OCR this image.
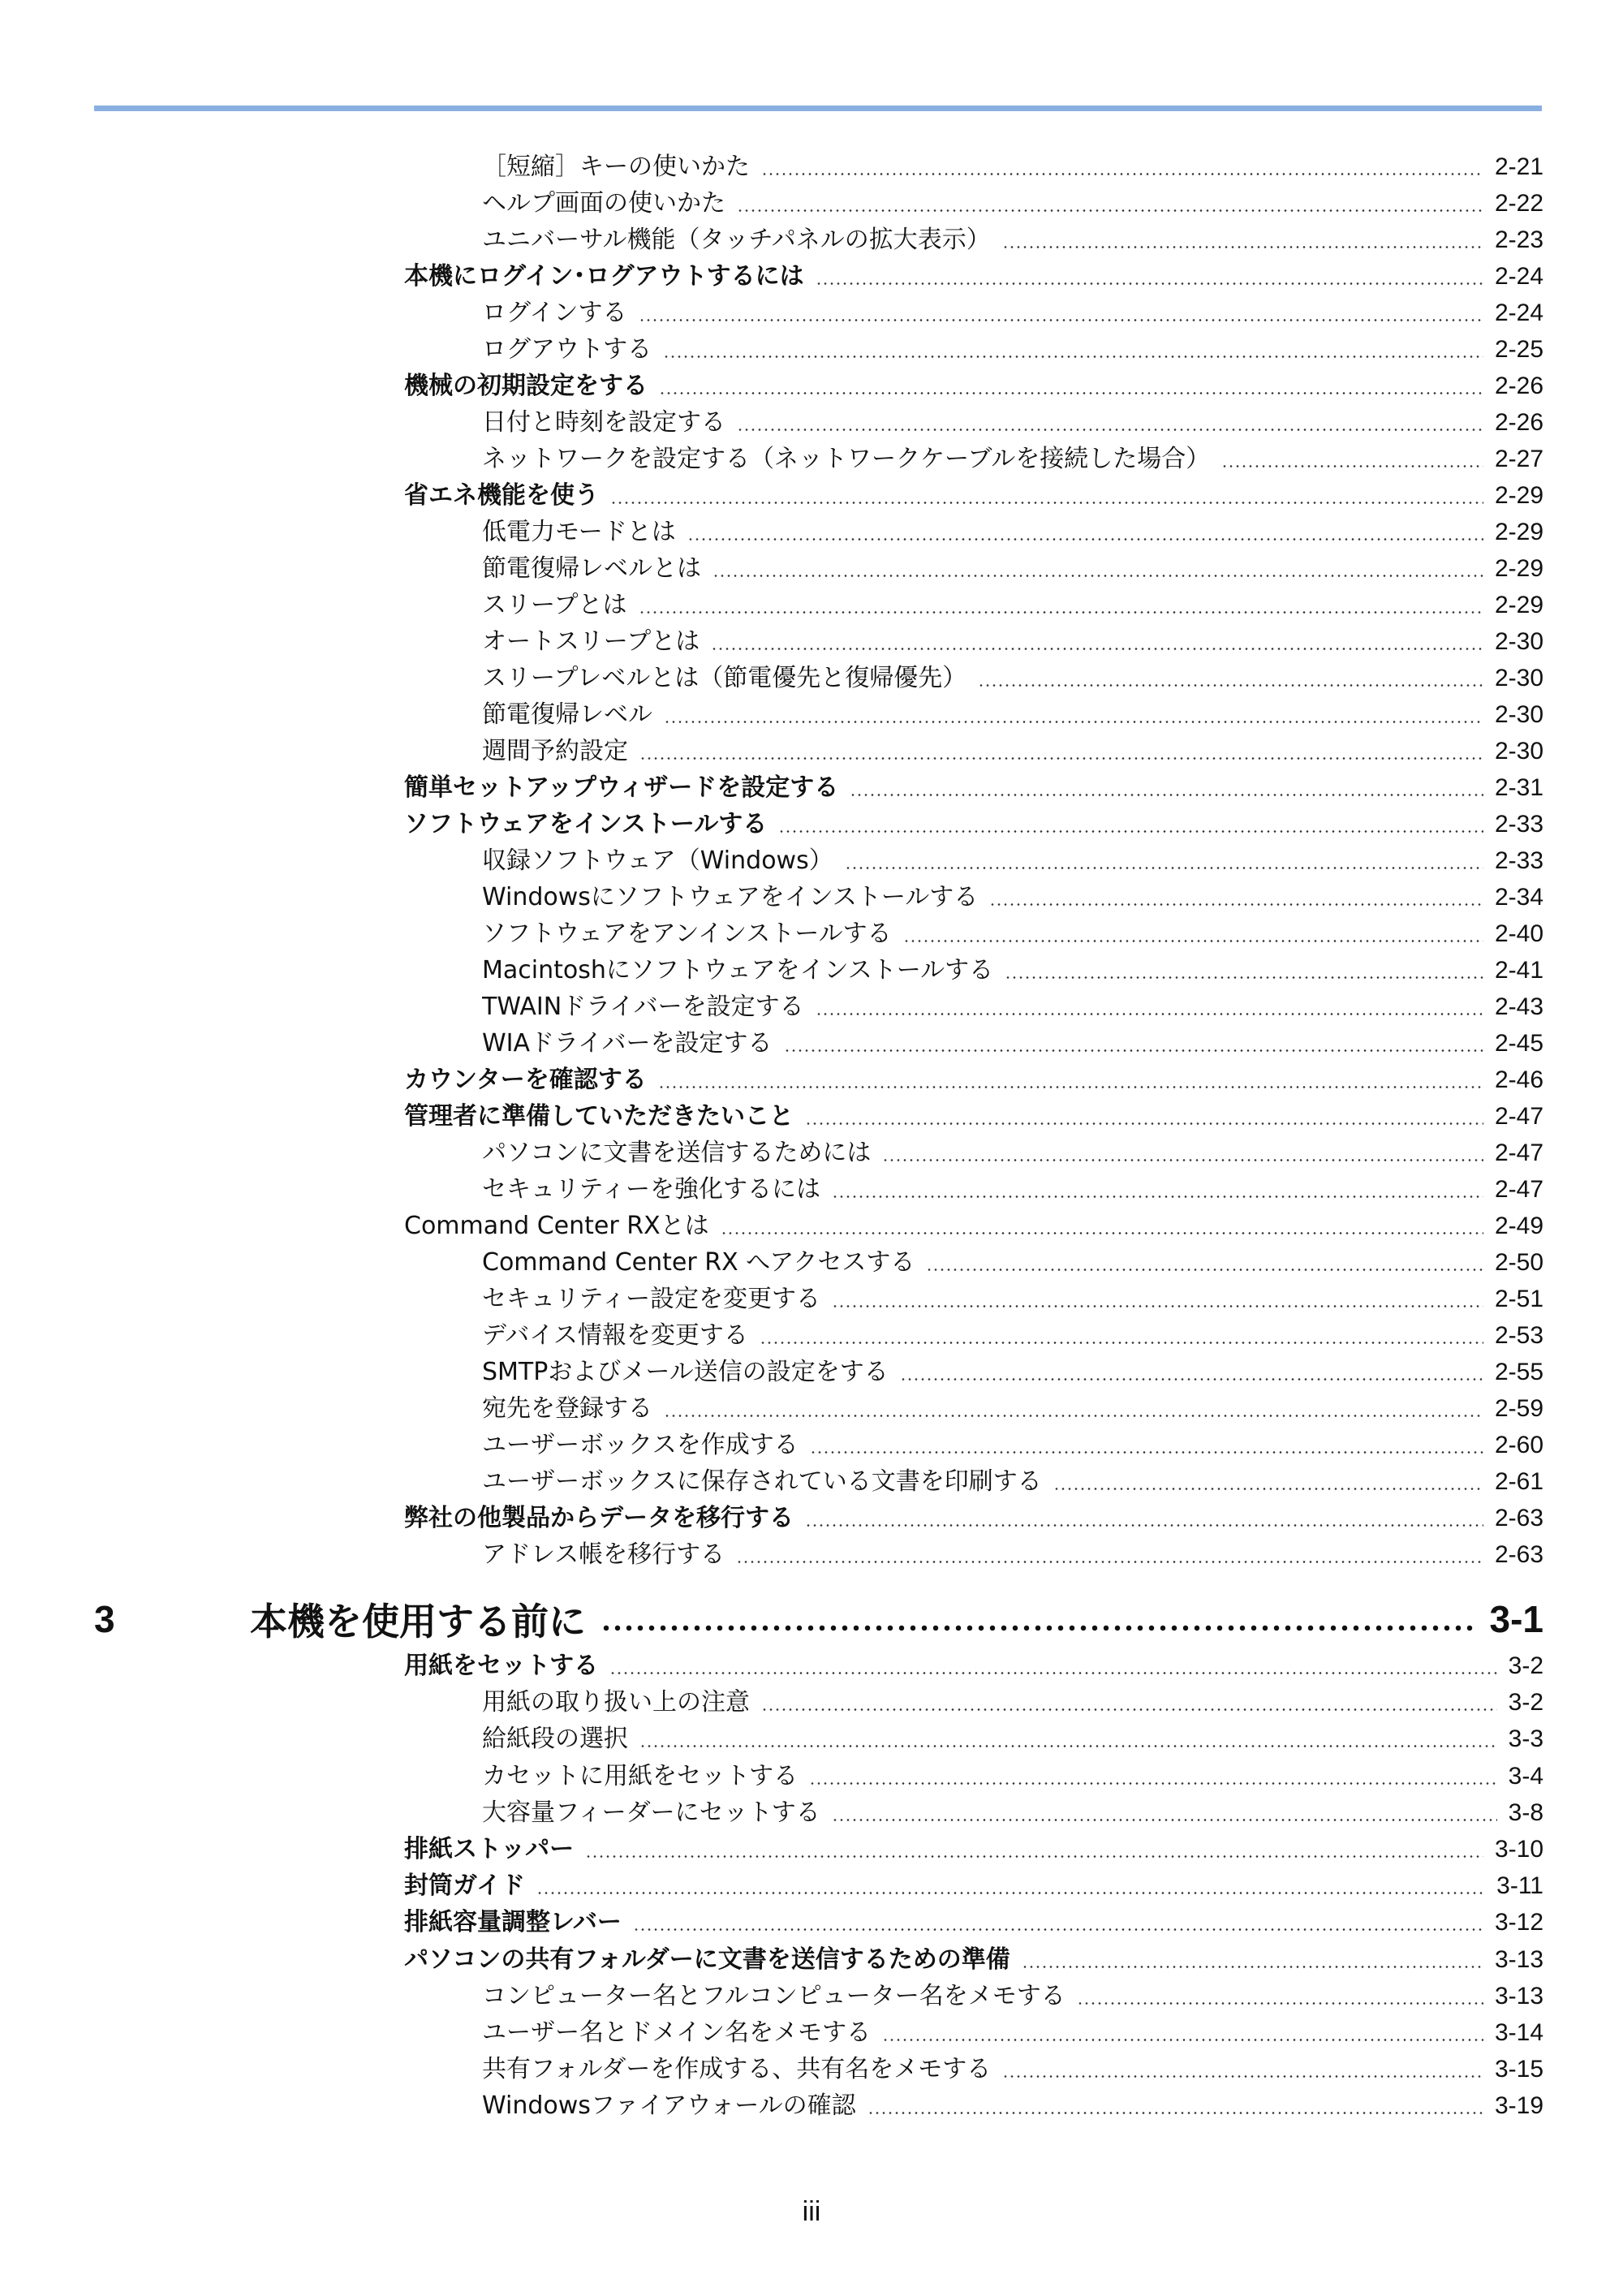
［短縮］キーの使いかた	2-21
ヘルプ画面の使いかた	2-22
ユニバーサル機能（タッチパネルの拡大表示）	2-23
本機にログイン･ログアウトするには	2-24
ログインする	2-24
ログアウトする	2-25
機械の初期設定をする	2-26
日付と時刻を設定する	2-26
ネットワークを設定する（ネットワークケーブルを接続した場合）	2-27
省エネ機能を使う	2-29
低電力モードとは	2-29
節電復帰レベルとは	2-29
スリープとは	2-29
オートスリープとは	2-30
スリープレベルとは（節電優先と復帰優先）	2-30
節電復帰レベル	2-30
週間予約設定	2-30
簡単セットアップウィザードを設定する	2-31
ソフトウェアをインストールする	2-33
収録ソフトウェア（Windows）	2-33
Windowsにソフトウェアをインストールする	2-34
ソフトウェアをアンインストールする	2-40
Macintoshにソフトウェアをインストールする	2-41
TWAINドライバーを設定する	2-43
WIAドライバーを設定する	2-45
カウンターを確認する	2-46
管理者に準備していただきたいこと	2-47
パソコンに文書を送信するためには	2-47
セキュリティーを強化するには	2-47
Command Center RXとは	2-49
Command Center RX へアクセスする	2-50
セキュリティー設定を変更する	2-51
デバイス情報を変更する	2-53
SMTPおよびメール送信の設定をする	2-55
宛先を登録する	2-59
ユーザーボックスを作成する	2-60
ユーザーボックスに保存されている文書を印刷する	2-61
弊社の他製品からデータを移行する	2-63
アドレス帳を移行する	2-63
3	本機を使用する前に	3-1
用紙をセットする	3-2
用紙の取り扱い上の注意	3-2
給紙段の選択	3-3
カセットに用紙をセットする	3-4
大容量フィーダーにセットする	3-8
排紙ストッパー	3-10
封筒ガイド	3-11
排紙容量調整レバー	3-12
パソコンの共有フォルダーに文書を送信するための準備	3-13
コンピューター名とフルコンピューター名をメモする	3-13
ユーザー名とドメイン名をメモする	3-14
共有フォルダーを作成する、共有名をメモする	3-15
Windowsファイアウォールの確認	3-19
iii
